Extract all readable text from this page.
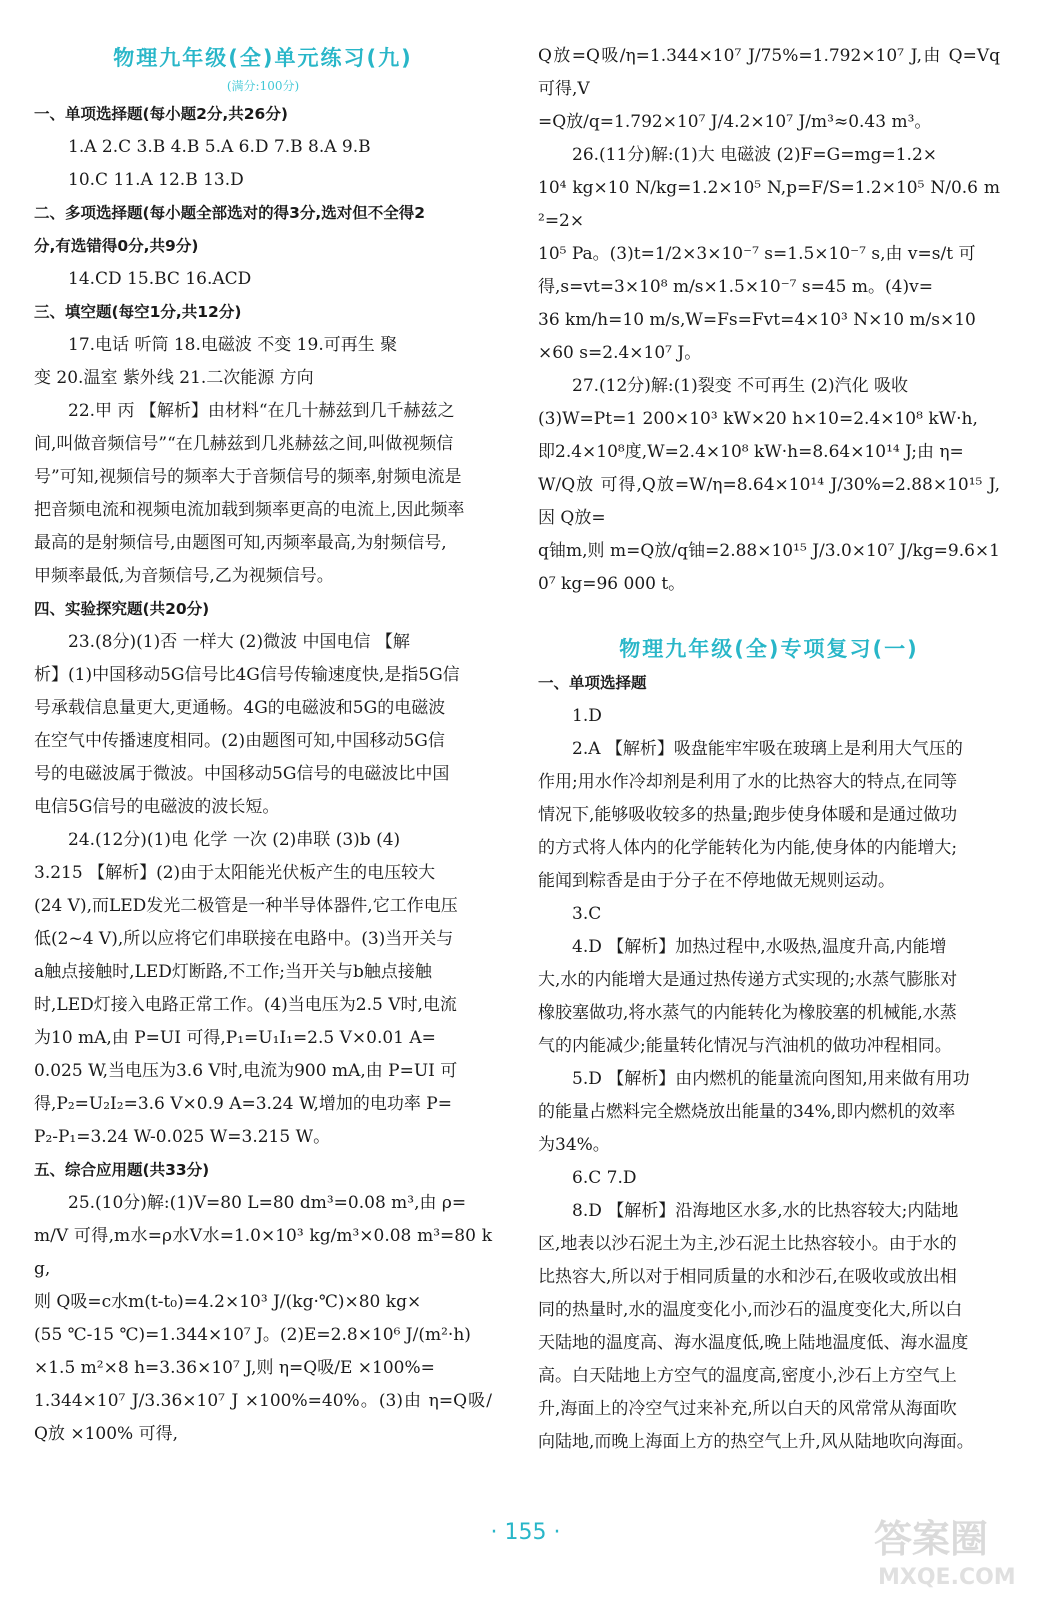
物理九年级(全)单元练习(九)

(满分:100分)

一、单项选择题(每小题2分,共26分)

1.A 2.C 3.B 4.B 5.A 6.D 7.B 8.A 9.B

10.C 11.A 12.B 13.D

二、多项选择题(每小题全部选对的得3分,选对但不全得2

分,有选错得0分,共9分)

14.CD 15.BC 16.ACD

三、填空题(每空1分,共12分)

17.电话 听筒 18.电磁波 不变 19.可再生 聚

变 20.温室 紫外线 21.二次能源 方向

22.甲 丙 【解析】由材料“在几十赫兹到几千赫兹之

间,叫做音频信号”“在几赫兹到几兆赫兹之间,叫做视频信

号”可知,视频信号的频率大于音频信号的频率,射频电流是

把音频电流和视频电流加载到频率更高的电流上,因此频率

最高的是射频信号,由题图可知,丙频率最高,为射频信号,

甲频率最低,为音频信号,乙为视频信号。

四、实验探究题(共20分)

23.(8分)(1)否 一样大 (2)微波 中国电信 【解

析】(1)中国移动5G信号比4G信号传输速度快,是指5G信

号承载信息量更大,更通畅。4G的电磁波和5G的电磁波

在空气中传播速度相同。(2)由题图可知,中国移动5G信

号的电磁波属于微波。中国移动5G信号的电磁波比中国

电信5G信号的电磁波的波长短。

24.(12分)(1)电 化学 一次 (2)串联 (3)b (4)

3.215 【解析】(2)由于太阳能光伏板产生的电压较大

(24 V),而LED发光二极管是一种半导体器件,它工作电压

低(2~4 V),所以应将它们串联接在电路中。(3)当开关与

a触点接触时,LED灯断路,不工作;当开关与b触点接触

时,LED灯接入电路正常工作。(4)当电压为2.5 V时,电流

为10 mA,由 P=UI 可得,P₁=U₁I₁=2.5 V×0.01 A=

0.025 W,当电压为3.6 V时,电流为900 mA,由 P=UI 可

得,P₂=U₂I₂=3.6 V×0.9 A=3.24 W,增加的电功率 P=

P₂-P₁=3.24 W-0.025 W=3.215 W。

五、综合应用题(共33分)

25.(10分)解:(1)V=80 L=80 dm³=0.08 m³,由 ρ=

m/V 可得,m水=ρ水V水=1.0×10³ kg/m³×0.08 m³=80 kg,

则 Q吸=c水m(t-t₀)=4.2×10³ J/(kg·℃)×80 kg×

(55 ℃-15 ℃)=1.344×10⁷ J。(2)E=2.8×10⁶ J/(m²·h)

×1.5 m²×8 h=3.36×10⁷ J,则 η=Q吸/E ×100%=

1.344×10⁷ J/3.36×10⁷ J ×100%=40%。(3)由 η=Q吸/Q放 ×100% 可得,

Q放=Q吸/η=1.344×10⁷ J/75%=1.792×10⁷ J,由 Q=Vq 可得,V

=Q放/q=1.792×10⁷ J/4.2×10⁷ J/m³≈0.43 m³。

26.(11分)解:(1)大 电磁波 (2)F=G=mg=1.2×

10⁴ kg×10 N/kg=1.2×10⁵ N,p=F/S=1.2×10⁵ N/0.6 m²=2×

10⁵ Pa。(3)t=1/2×3×10⁻⁷ s=1.5×10⁻⁷ s,由 v=s/t 可

得,s=vt=3×10⁸ m/s×1.5×10⁻⁷ s=45 m。(4)v=

36 km/h=10 m/s,W=Fs=Fvt=4×10³ N×10 m/s×10

×60 s=2.4×10⁷ J。

27.(12分)解:(1)裂变 不可再生 (2)汽化 吸收

(3)W=Pt=1 200×10³ kW×20 h×10=2.4×10⁸ kW·h,

即2.4×10⁸度,W=2.4×10⁸ kW·h=8.64×10¹⁴ J;由 η=

W/Q放 可得,Q放=W/η=8.64×10¹⁴ J/30%=2.88×10¹⁵ J,因 Q放=

q铀m,则 m=Q放/q铀=2.88×10¹⁵ J/3.0×10⁷ J/kg=9.6×10⁷ kg=96 000 t。

物理九年级(全)专项复习(一)

一、单项选择题

1.D

2.A 【解析】吸盘能牢牢吸在玻璃上是利用大气压的

作用;用水作冷却剂是利用了水的比热容大的特点,在同等

情况下,能够吸收较多的热量;跑步使身体暖和是通过做功

的方式将人体内的化学能转化为内能,使身体的内能增大;

能闻到粽香是由于分子在不停地做无规则运动。

3.C

4.D 【解析】加热过程中,水吸热,温度升高,内能增

大,水的内能增大是通过热传递方式实现的;水蒸气膨胀对

橡胶塞做功,将水蒸气的内能转化为橡胶塞的机械能,水蒸

气的内能减少;能量转化情况与汽油机的做功冲程相同。

5.D 【解析】由内燃机的能量流向图知,用来做有用功

的能量占燃料完全燃烧放出能量的34%,即内燃机的效率

为34%。

6.C 7.D

8.D 【解析】沿海地区水多,水的比热容较大;内陆地

区,地表以沙石泥土为主,沙石泥土比热容较小。由于水的

比热容大,所以对于相同质量的水和沙石,在吸收或放出相

同的热量时,水的温度变化小,而沙石的温度变化大,所以白

天陆地的温度高、海水温度低,晚上陆地温度低、海水温度

高。白天陆地上方空气的温度高,密度小,沙石上方空气上

升,海面上的冷空气过来补充,所以白天的风常常从海面吹

向陆地,而晚上海面上方的热空气上升,风从陆地吹向海面。

· 155 ·	答案圈
MXQE.COM
